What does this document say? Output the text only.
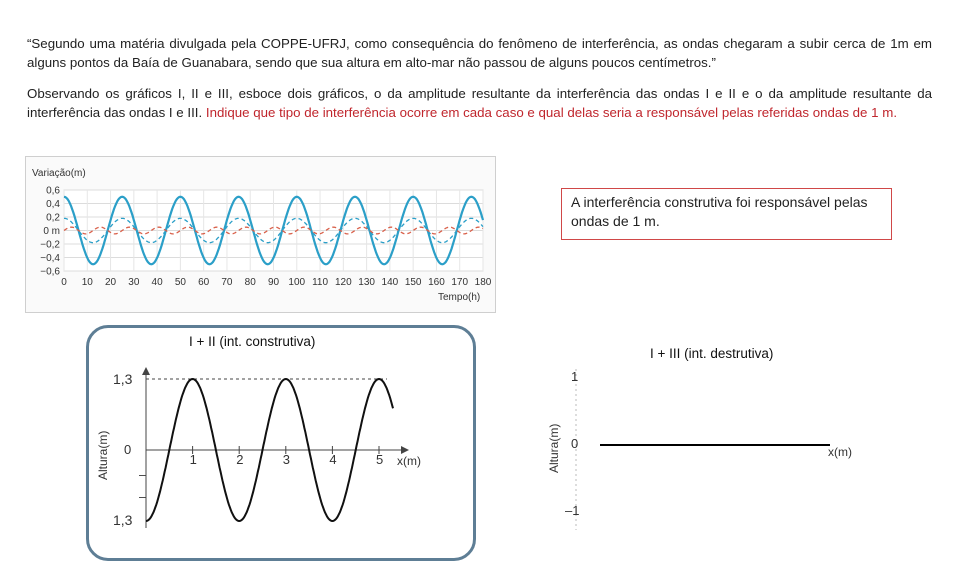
“Segundo uma matéria divulgada pela COPPE-UFRJ, como consequência do fenômeno de interferência, as ondas chegaram a subir cerca de 1m em alguns pontos da Baía de Guanabara, sendo que sua altura em alto-mar não passou de alguns poucos centímetros.”
Observando os gráficos I, II e III, esboce dois gráficos, o da amplitude resultante da interferência das ondas I e II e o da amplitude resultante da interferência das ondas I e III. Indique que tipo de interferência ocorre em cada caso e qual delas seria a responsável pelas referidas ondas de 1 m.
Variação(m)
Tempo(h)
0,6
0,4
0,2
0 m
−0,2
−0,4
−0,6
0 10 20 30 40 50 60 70 80 90 100 110 120 130 140 150 160 170 180
A interferência construtiva foi responsável pelas ondas de 1 m.
I + II (int. construtiva)
1,3
0
–
–
1,3
Altura(m)	x(m)
1	2	3	4	5
I + III (int. destrutiva)
1
0
–1
Altura(m)	x(m)
